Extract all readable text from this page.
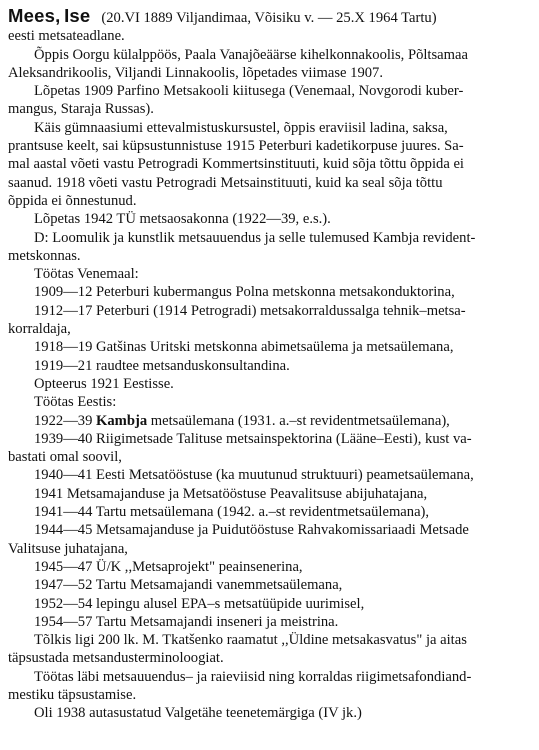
Mees, Ise (20.VI 1889 Viljandimaa, Võisiku v. — 25.X 1964 Tartu)
eesti metsateadlane.
Õppis Oorgu külalppöös, Paala Vanajõeäärse kihelkonnakoolis, Põltsamaa
Aleksandrikoolis, Viljandi Linnakoolis, lõpetades viimase 1907.
Lõpetas 1909 Parfino Metsakooli kiitusega (Venemaal, Novgorodi kuber-
mangus, Staraja Russas).
Käis gümnaasiumi ettevalmistuskursustel, õppis eraviisil ladina, saksa,
prantsuse keelt, sai küpsustunnistuse 1915 Peterburi kadetikorpuse juures. Sa-
mal aastal võeti vastu Petrogradi Kommertsinstituuti, kuid sõja tõttu õppida ei
saanud. 1918 võeti vastu Petrogradi Metsainstituuti, kuid ka seal sõja tõttu
õppida ei õnnestunud.
Lõpetas 1942 TÜ metsaosakonna (1922—39, e.s.).
D: Loomulik ja kunstlik metsauuendus ja selle tulemused Kambja revident-
metskonnas.
Töötas Venemaal:
1909—12 Peterburi kubermangus Polna metskonna metsakonduktorina,
1912—17 Peterburi (1914 Petrogradi) metsakorraldussalga tehnik–metsa-
korraldaja,
1918—19 Gatšinas Uritski metskonna abimetsaülema ja metsaülemana,
1919—21 raudtee metsanduskonsultandina.
Opteerus 1921 Eestisse.
Töötas Eestis:
1922—39 Kambja metsaülemana (1931. a.–st revidentmetsaülemana),
1939—40 Riigimetsade Talituse metsainspektorina (Lääne–Eesti), kust va-
bastati omal soovil,
1940—41 Eesti Metsatööstuse (ka muutunud struktuuri) peametsaülemana,
1941 Metsamajanduse ja Metsatööstuse Peavalitsuse abijuhatajana,
1941—44 Tartu metsaülemana (1942. a.–st revidentmetsaülemana),
1944—45 Metsamajanduse ja Puidutööstuse Rahvakomissariaadi Metsade
Valitsuse juhatajana,
1945—47 Ü/K ,,Metsaprojekt" peainsenerina,
1947—52 Tartu Metsamajandi vanemmetsaülemana,
1952—54 lepingu alusel EPA–s metsatüüpide uurimisel,
1954—57 Tartu Metsamajandi inseneri ja meistrina.
Tõlkis ligi 200 lk. M. Tkatšenko raamatut ,,Üldine metsakasvatus" ja aitas
täpsustada metsandusterminoloogiat.
Töötas läbi metsauuendus– ja raieviisid ning korraldas riigimetsafondiand-
mestiku täpsustamise.
Oli 1938 autasustatud Valgetähe teenetemärgiga (IV jk.)
